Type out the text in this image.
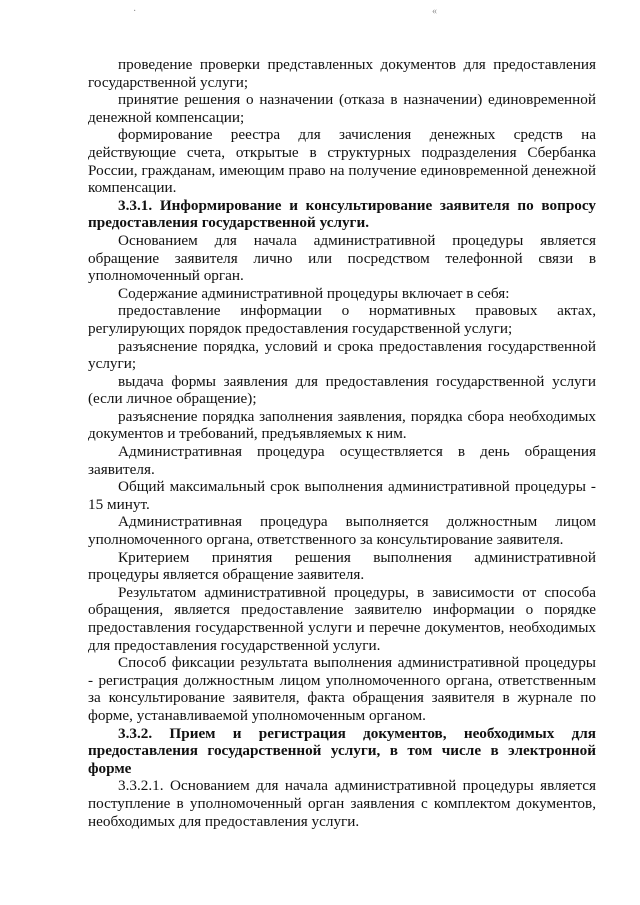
·	«

проведение проверки представленных документов для предоставления государственной услуги;

принятие решения о назначении (отказа в назначении) единовременной денежной компенсации;

формирование реестра для зачисления денежных средств на действующие счета, открытые в структурных подразделения Сбербанка России, гражданам, имеющим право на получение единовременной денежной компенсации.

3.3.1. Информирование и консультирование заявителя по вопросу предоставления государственной услуги.

Основанием для начала административной процедуры является обращение заявителя лично или посредством телефонной связи в уполномоченный орган.

Содержание административной процедуры включает в себя:

предоставление информации о нормативных правовых актах, регулирующих порядок предоставления государственной услуги;

разъяснение порядка, условий и срока предоставления государственной услуги;

выдача формы заявления для предоставления государственной услуги (если личное обращение);

разъяснение порядка заполнения заявления, порядка сбора необходимых документов и требований, предъявляемых к ним.

Административная процедура осуществляется в день обращения заявителя.

Общий максимальный срок выполнения административной процедуры - 15 минут.

Административная процедура выполняется должностным лицом уполномоченного органа, ответственного за консультирование заявителя.

Критерием принятия решения выполнения административной процедуры является обращение заявителя.

Результатом административной процедуры, в зависимости от способа обращения, является предоставление заявителю информации о порядке предоставления государственной услуги и перечне документов, необходимых для предоставления государственной услуги.

Способ фиксации результата выполнения административной процедуры - регистрация должностным лицом уполномоченного органа, ответственным за консультирование заявителя, факта обращения заявителя в журнале по форме, устанавливаемой уполномоченным органом.

3.3.2. Прием и регистрация документов, необходимых для предоставления государственной услуги, в том числе в электронной форме

3.3.2.1. Основанием для начала административной процедуры является поступление в уполномоченный орган заявления с комплектом документов, необходимых для предоставления услуги.
